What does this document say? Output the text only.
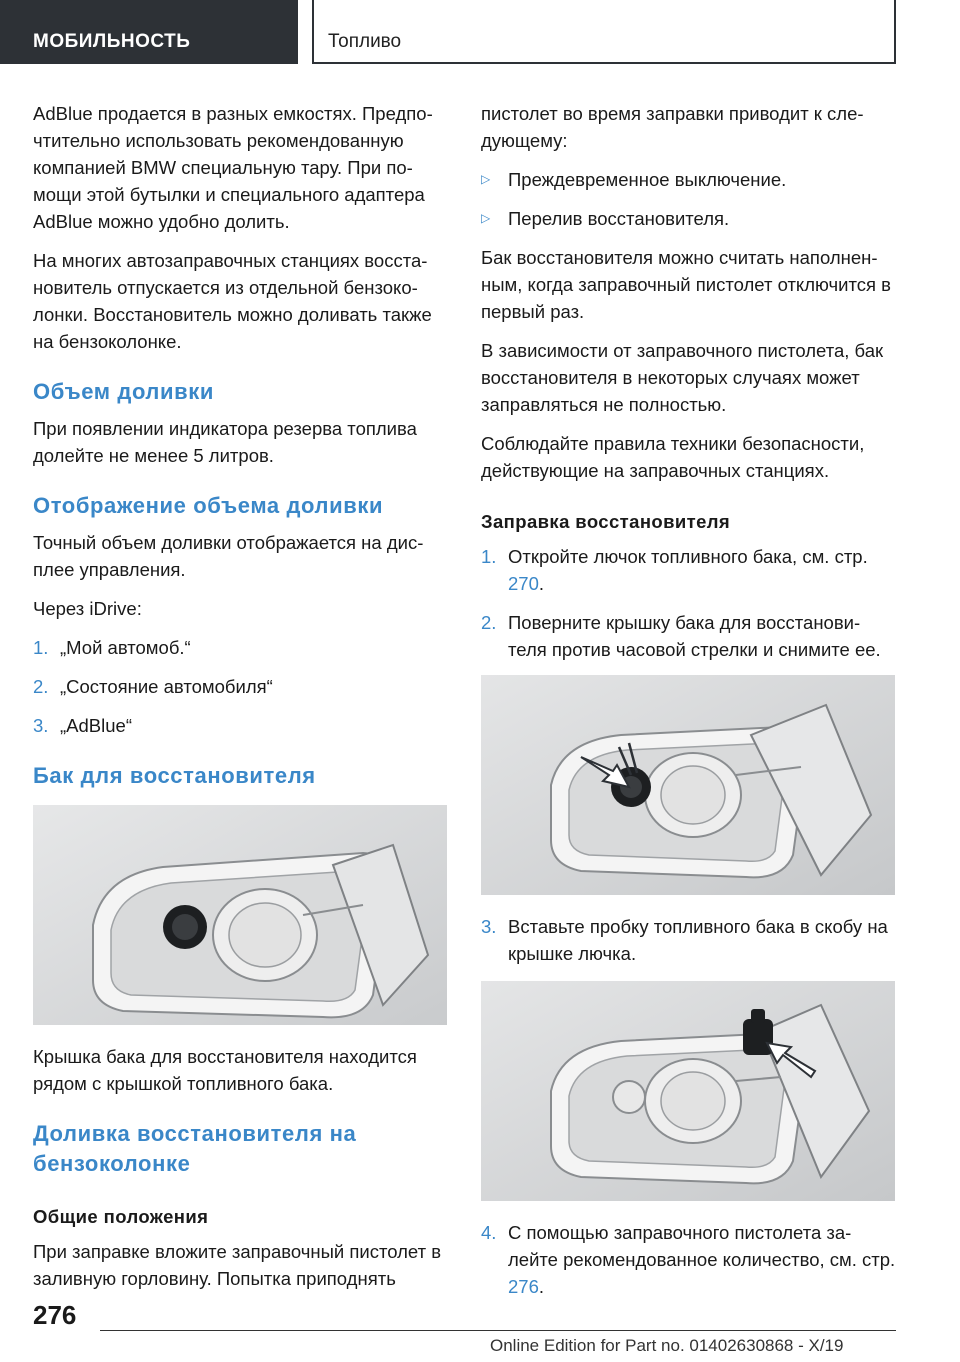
МОБИЛЬНОСТЬ	Топливо

AdBlue продается в разных емкостях. Предпо-чтительно использовать рекомендованную компанией BMW специальную тару. При по-мощи этой бутылки и специального адаптера AdBlue можно удобно долить.

На многих автозаправочных станциях восста-новитель отпускается из отдельной бензоко-лонки. Восстановитель можно доливать также на бензоколонке.

Объем доливки

При появлении индикатора резерва топлива долейте не менее 5 литров.

Отображение объема доливки

Точный объем доливки отображается на дис-плее управления.

Через iDrive:

1. „Мой автомоб.“
2. „Состояние автомобиля“
3. „AdBlue“
Бак для восстановителя

Крышка бака для восстановителя находится рядом с крышкой топливного бака.

Доливка восстановителя на бензоколонке
Общие положения

При заправке вложите заправочный пистолет в заливную горловину. Попытка приподнять

пистолет во время заправки приводит к сле-дующему:

▷ Преждевременное выключение.
▷ Перелив восстановителя.

Бак восстановителя можно считать наполнен-ным, когда заправочный пистолет отключится в первый раз.

В зависимости от заправочного пистолета, бак восстановителя в некоторых случаях может заправляться не полностью.

Соблюдайте правила техники безопасности, действующие на заправочных станциях.

Заправка восстановителя
1. Откройте лючок топливного бака, см. стр. 270.
2. Поверните крышку бака для восстанови-теля против часовой стрелки и снимите ее.
3. Вставьте пробку топливного бака в скобу на крышке лючка.
4. С помощью заправочного пистолета за-лейте рекомендованное количество, см. стр. 276.
276
Online Edition for Part no. 01402630868 - X/19
